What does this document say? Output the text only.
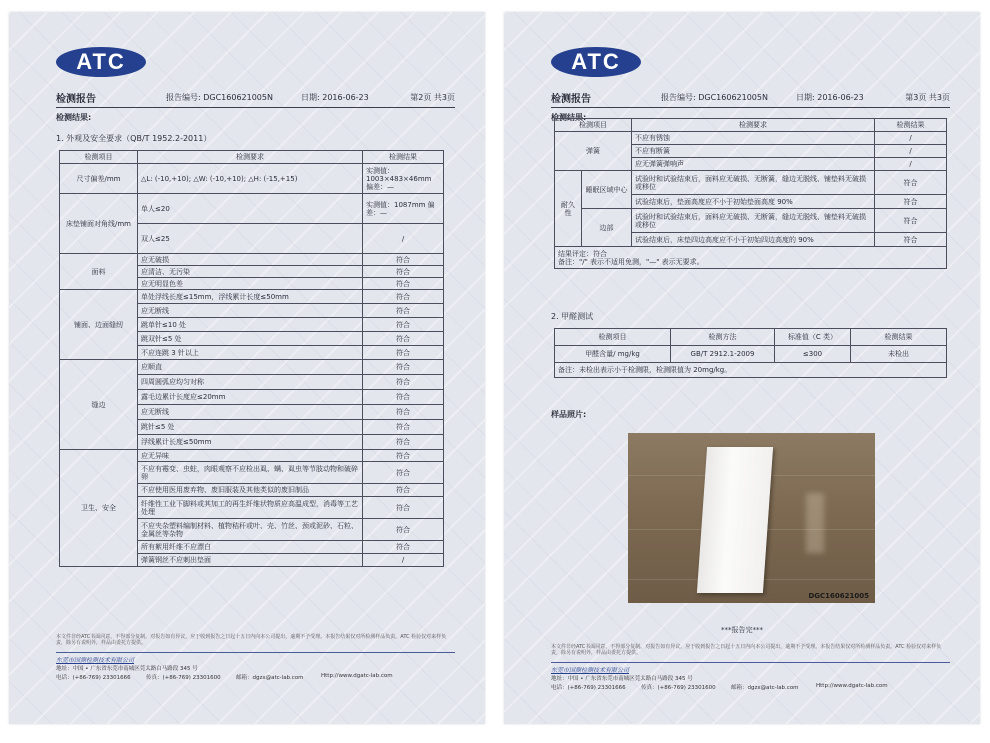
ATC
检测报告	报告编号: DGC160621005N	日期: 2016-06-23	第2页 共3页
检测结果:
1. 外观及安全要求（QB/T 1952.2-2011）
检测项目	检测要求	检测结果
尺寸偏差/mm	△L: (-10,+10); △W: (-10,+10); △H: (-15,+15)	实测值：1003×483×46mm 偏差：—
床垫铺面对角线/mm	单人≤20	实测值：1087mm 偏差：—
	双人≤25	/
面料	应无破损	符合
	应清洁、无污染	符合
	应无明显色差	符合
铺面、边面缝纫	单处浮线长度≤15mm，浮线累计长度≤50mm	符合
	应无断线	符合
	跳单针≤10 处	符合
	跳双针≤5 处	符合
	不应连跳 3 针以上	符合
缝边	应顺直	符合
	四周圆弧应均匀对称	符合
	露毛边累计长度应≤20mm	符合
	应无断线	符合
	跳针≤5 处	符合
	浮线累计长度≤50mm	符合
卫生、安全	应无异味	符合
	不应有霉变、虫蛀，肉眼观察不应检出虱、螨、虱虫等节肢动物和破碎卵	符合
	不应使用医用废弃物、废旧服装及其他类似的废旧制品	符合
	纤维性工业下脚料或其加工的再生纤维状物质应高温成型，消毒等工艺处理	符合
	不应夹杂塑料编制材料、植物秸秆或叶、壳、竹丝、颈或泥砂、石粒、金属丝等杂物	符合
	所有絮用纤维不应漂白	符合
	弹簧钢丝不应刺出垫面	/
本文件非经ATC书面同意，不得部分复制。对报告如有异议，应于收到报告之日起十五日内向本公司提出，逾期不予受理。本报告结果仅对所检测样品负责。ATC 检验仅对来样负责，除另有说明外，样品由委托方提供。
东莞市国测检测技术有限公司
地址：中国 • 广东省东莞市南城区莞太路白马路段 345 号
电话：(+86-769) 23301666	传真：(+86-769) 23301600	邮箱：dgzx@atc-lab.com	Http://www.dgatc-lab.com
ATC
检测报告	报告编号: DGC160621005N	日期: 2016-06-23	第3页 共3页
检测结果:
检测项目		检测要求	检测结果
弹簧		不应有锈蚀	/
		不应有断簧	/
		应无弹簧弹响声	/
耐久性	睡眠区域中心	试验时和试验结束后，面料应无破损、无断簧，缝边无脱线、铺垫料无破损或移位	符合
		试验结束后，垫面高度应不小于初始垫面高度 90%	符合
	边部	试验时和试验结束后，面料应无破损、无断簧，缝边无脱线、铺垫料无破损或移位	符合
		试验结束后，床垫四边高度应不小于初始四边高度的 90%	符合

结果评定：符合
备注："/" 表示不适用免测，"—" 表示无要求。			
2. 甲醛测试
检测项目	检测方法	标准值（C 类）	检测结果
甲醛含量/ mg/kg	GB/T 2912.1-2009	≤300	未检出
备注：未检出表示小于检测限，检测限值为 20mg/kg。			
样品照片:
DGC160621005
***报告完***
本文件非经ATC书面同意，不得部分复制。对报告如有异议，应于收到报告之日起十五日内向本公司提出，逾期不予受理。本报告结果仅对所检测样品负责。ATC 检验仅对来样负责，除另有说明外，样品由委托方提供。
东莞市国测检测技术有限公司
地址：中国 • 广东省东莞市南城区莞太路白马路段 345 号
电话：(+86-769) 23301666	传真：(+86-769) 23301600	邮箱：dgzx@atc-lab.com	Http://www.dgatc-lab.com
